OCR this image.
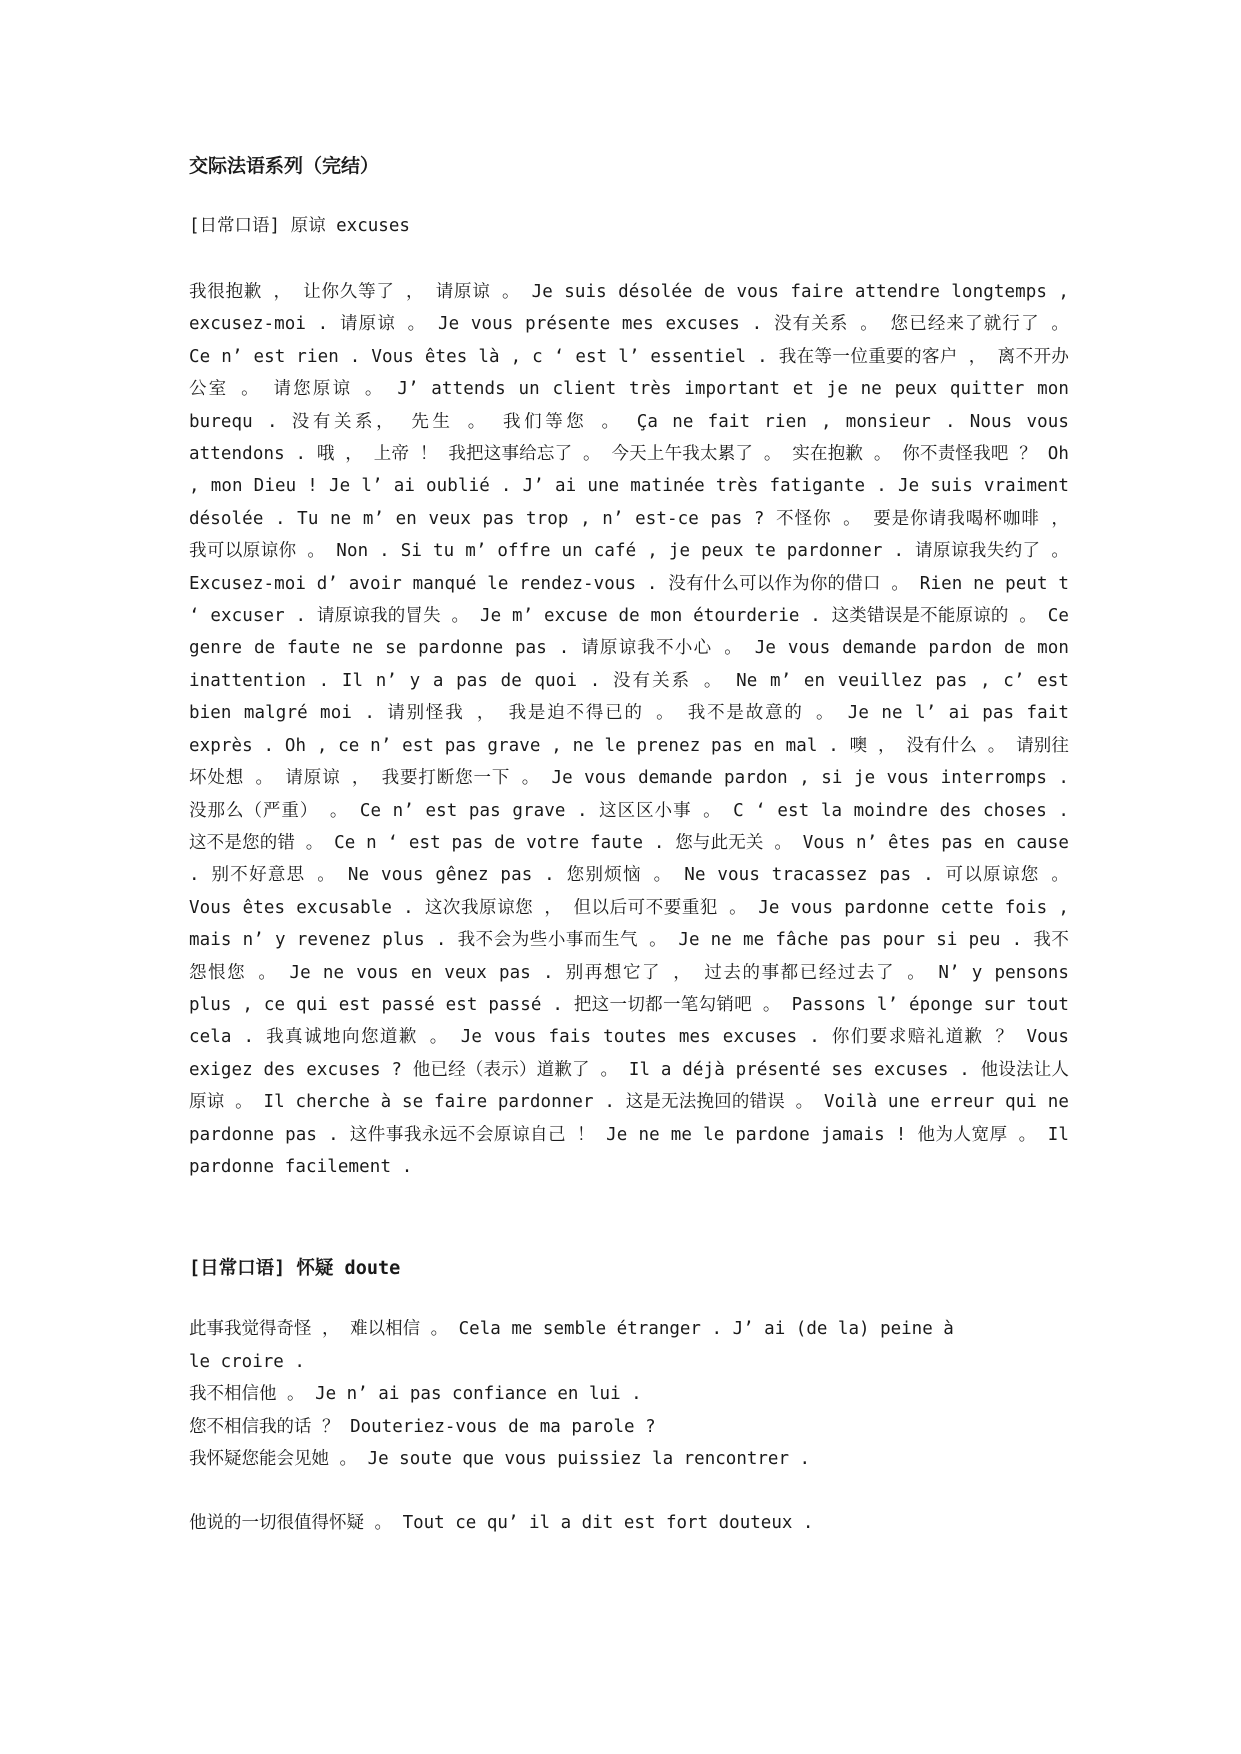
交际法语系列（完结）
[日常口语] 原谅 excuses

我很抱歉 ， 让你久等了 ， 请原谅 。 Je suis désolée de vous faire attendre longtemps , excusez-moi . 请原谅 。 Je vous présente mes excuses . 没有关系 。 您已经来了就行了 。 Ce n’ est rien . Vous êtes là , c ‘ est l’ essentiel . 我在等一位重要的客户 ， 离不开办公室 。 请您原谅 。 J’ attends un client très important et je ne peux quitter mon burequ . 没有关系， 先生 。 我们等您 。 Ça ne fait rien , monsieur . Nous vous attendons . 哦 ， 上帝 ！ 我把这事给忘了 。 今天上午我太累了 。 实在抱歉 。 你不责怪我吧 ？ Oh , mon Dieu ! Je l’ ai oublié . J’ ai une matinée très fatigante . Je suis vraiment désolée . Tu ne m’ en veux pas trop , n’ est-ce pas ? 不怪你 。 要是你请我喝杯咖啡 ， 我可以原谅你 。 Non . Si tu m’ offre un café , je peux te pardonner . 请原谅我失约了 。 Excusez-moi d’ avoir manqué le rendez-vous . 没有什么可以作为你的借口 。 Rien ne peut t ‘ excuser . 请原谅我的冒失 。 Je m’ excuse de mon étourderie . 这类错误是不能原谅的 。 Ce genre de faute ne se pardonne pas . 请原谅我不小心 。 Je vous demande pardon de mon inattention . Il n’ y a pas de quoi . 没有关系 。 Ne m’ en veuillez pas , c’ est bien malgré moi . 请别怪我 ， 我是迫不得已的 。 我不是故意的 。 Je ne l’ ai pas fait exprès . Oh , ce n’ est pas grave , ne le prenez pas en mal . 噢 ， 没有什么 。 请别往坏处想 。 请原谅 ， 我要打断您一下 。 Je vous demande pardon , si je vous interromps . 没那么（严重） 。 Ce n’ est pas grave . 这区区小事 。 C ‘ est la moindre des choses . 这不是您的错 。 Ce n ‘ est pas de votre faute . 您与此无关 。 Vous n’ êtes pas en cause . 别不好意思 。 Ne vous gênez pas . 您别烦恼 。 Ne vous tracassez pas . 可以原谅您 。 Vous êtes excusable . 这次我原谅您 ， 但以后可不要重犯 。 Je vous pardonne cette fois , mais n’ y revenez plus . 我不会为些小事而生气 。 Je ne me fâche pas pour si peu . 我不怨恨您 。 Je ne vous en veux pas . 别再想它了 ， 过去的事都已经过去了 。 N’ y pensons plus , ce qui est passé est passé . 把这一切都一笔勾销吧 。 Passons l’ éponge sur tout cela . 我真诚地向您道歉 。 Je vous fais toutes mes excuses . 你们要求赔礼道歉 ？ Vous exigez des excuses ? 他已经（表示）道歉了 。 Il a déjà présenté ses excuses . 他设法让人原谅 。 Il cherche à se faire pardonner . 这是无法挽回的错误 。 Voilà une erreur qui ne pardonne pas . 这件事我永远不会原谅自己 ！ Je ne me le pardone jamais ! 他为人宽厚 。 Il pardonne facilement .

[日常口语] 怀疑 doute

此事我觉得奇怪 ， 难以相信 。 Cela me semble étranger . J’ ai (de la) peine à

le croire .

我不相信他 。 Je n’ ai pas confiance en lui .

您不相信我的话 ？ Douteriez-vous de ma parole ?

我怀疑您能会见她 。 Je soute que vous puissiez la rencontrer .

他说的一切很值得怀疑 。 Tout ce qu’ il a dit est fort douteux .
